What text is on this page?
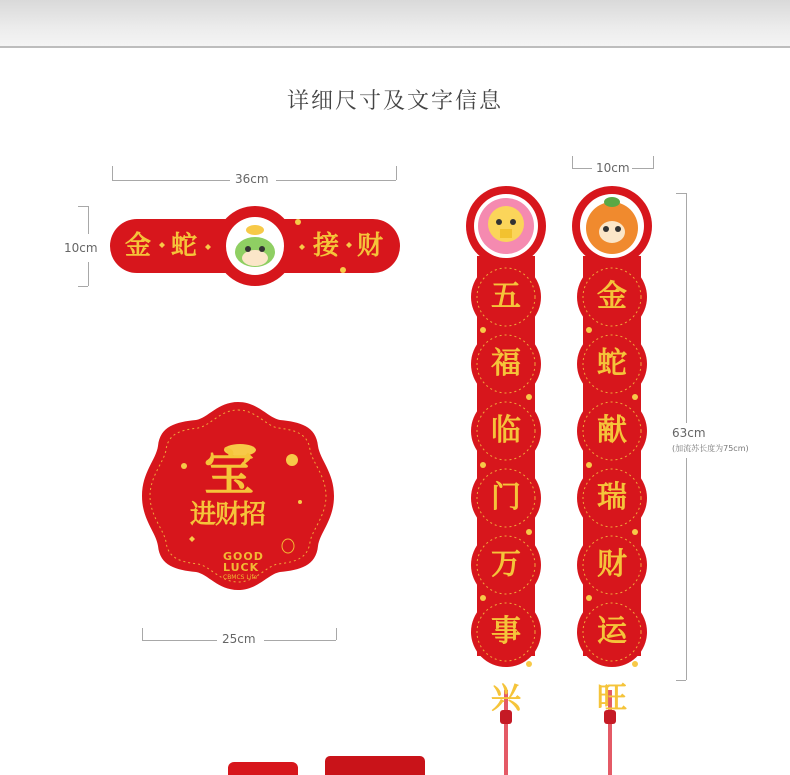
详细尺寸及文字信息
36cm
10cm 金 蛇	接 财
宝
进财招
GOOD
LUCK
CBMCS Life
25cm
10cm
63cm
(加流苏长度为75cm)
五
福
临
门
万
事
兴
金
蛇
献
瑞
财
运
旺
